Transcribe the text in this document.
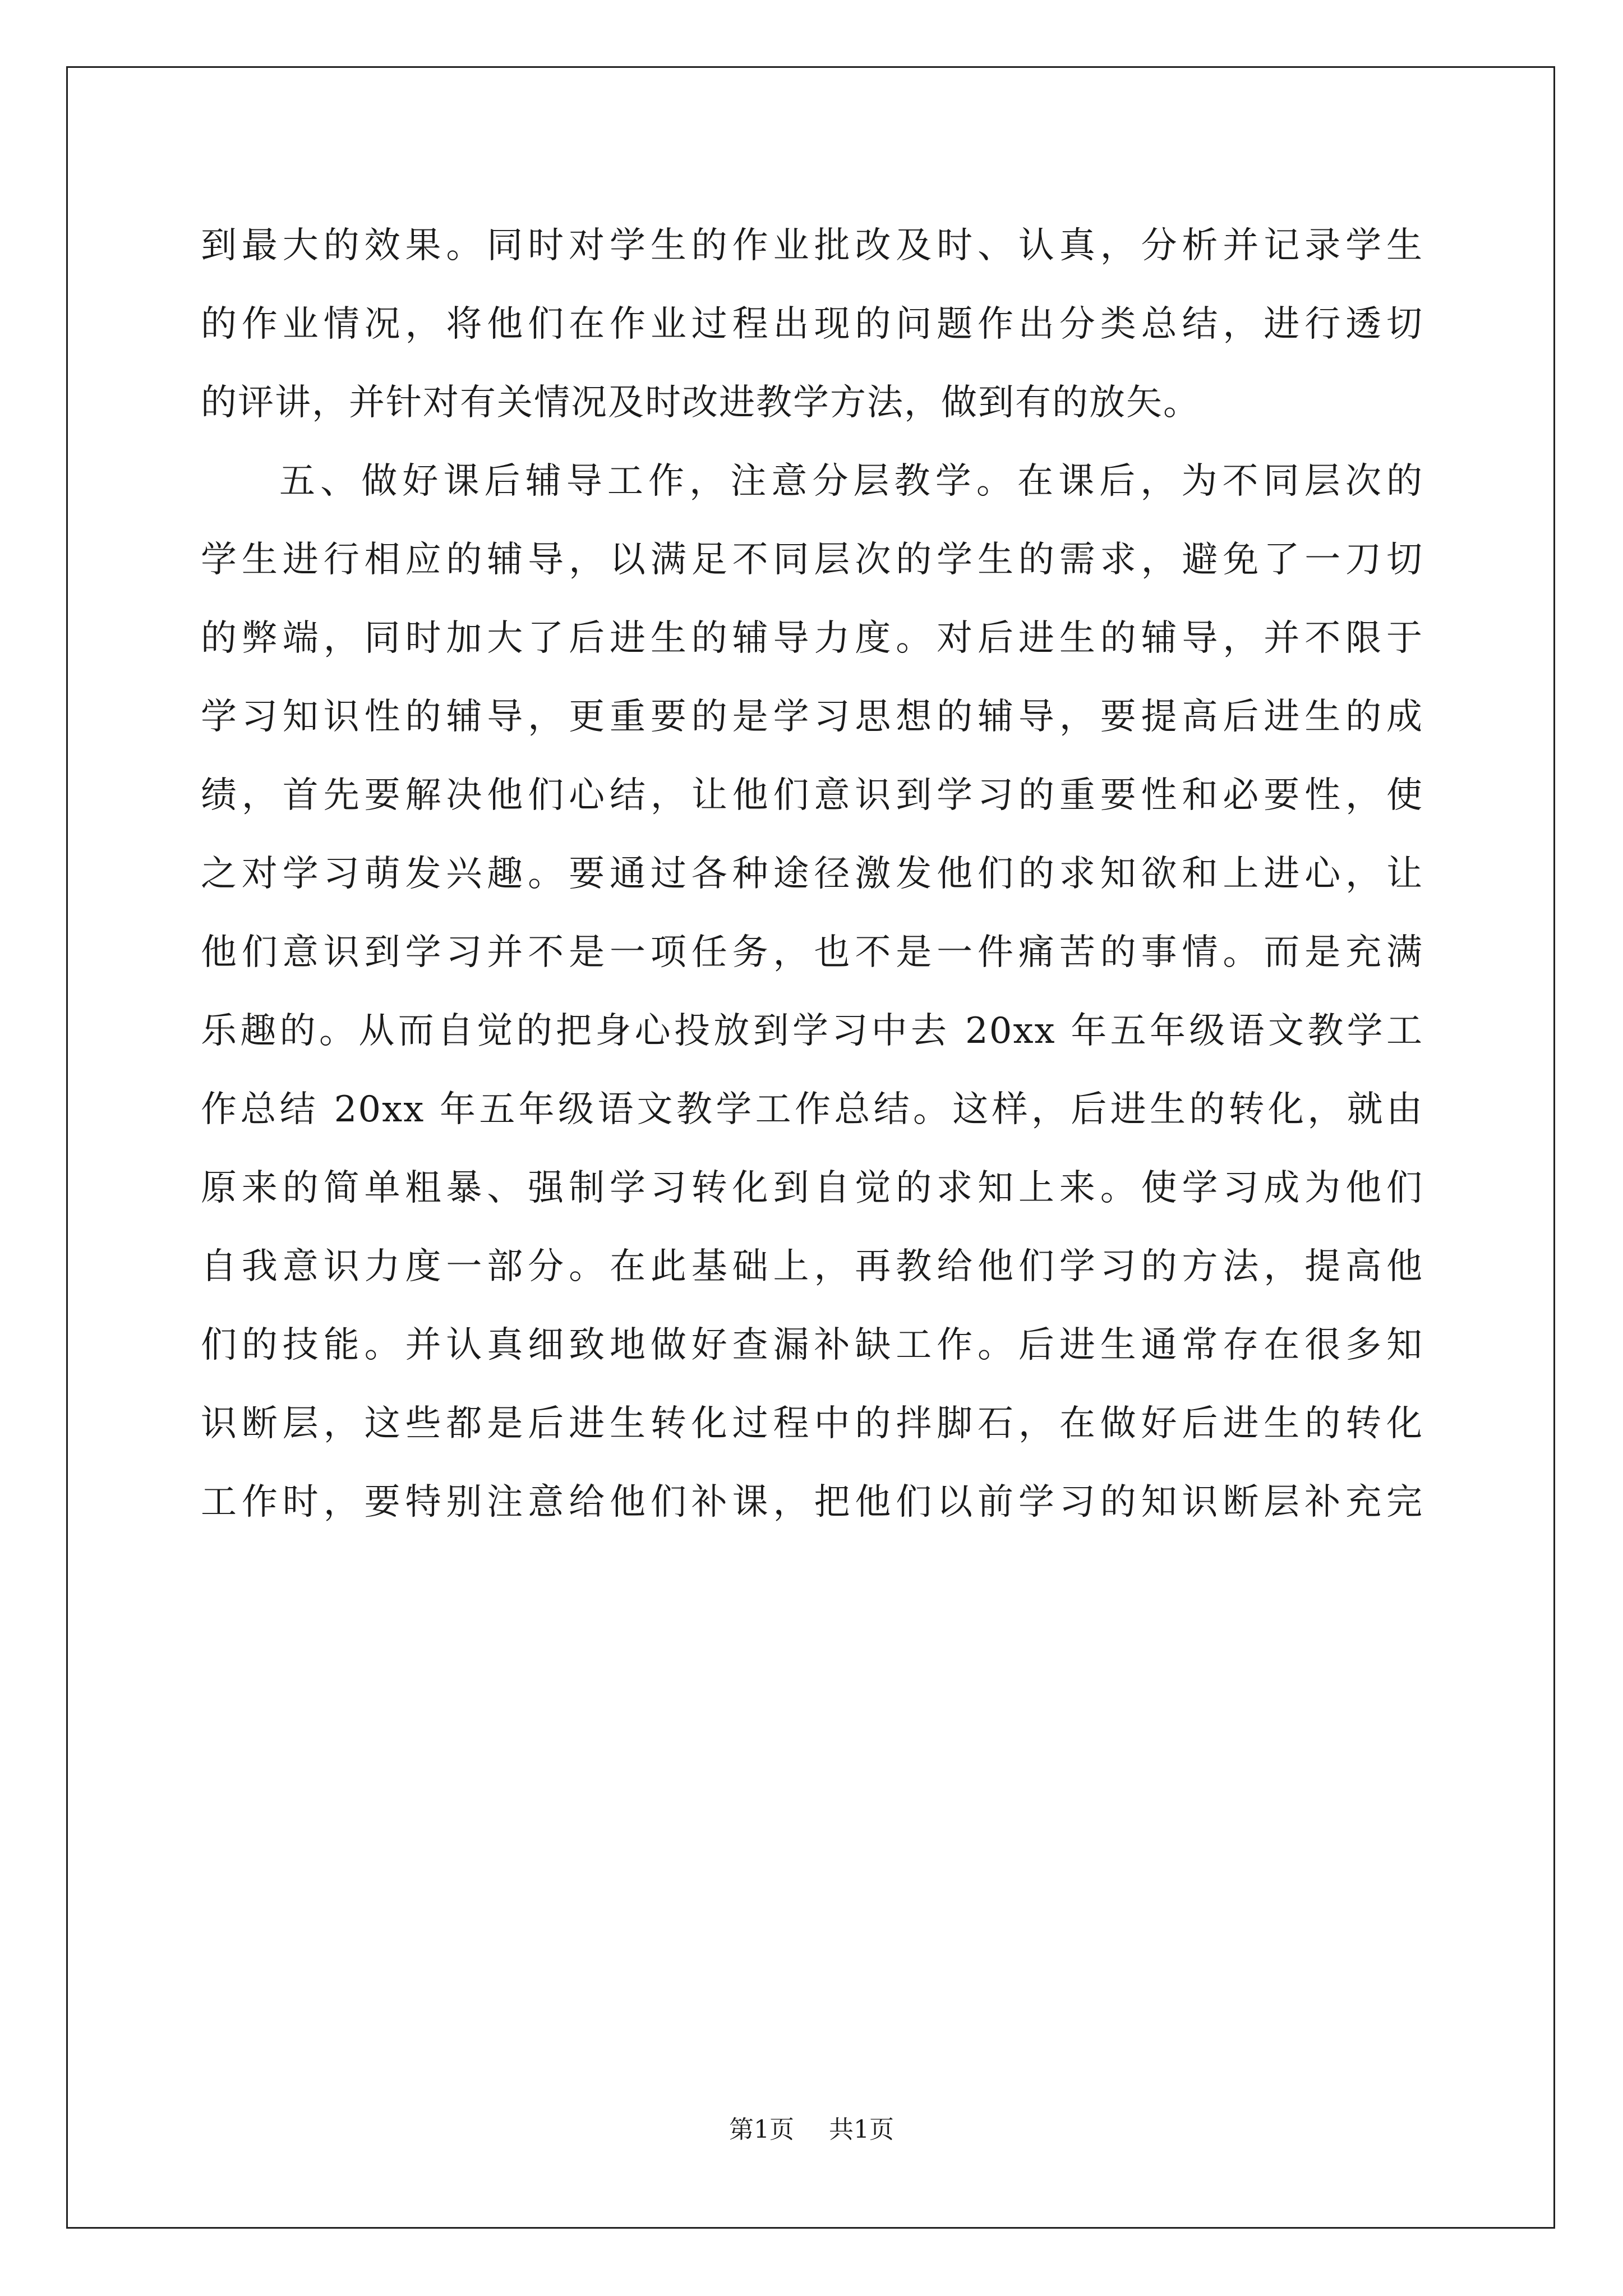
到最大的效果。同时对学生的作业批改及时、认真，分析并记录学生
的作业情况，将他们在作业过程出现的问题作出分类总结，进行透切
的评讲，并针对有关情况及时改进教学方法，做到有的放矢。
五、做好课后辅导工作，注意分层教学。在课后，为不同层次的
学生进行相应的辅导，以满足不同层次的学生的需求，避免了一刀切
的弊端，同时加大了后进生的辅导力度。对后进生的辅导，并不限于
学习知识性的辅导，更重要的是学习思想的辅导，要提高后进生的成
绩，首先要解决他们心结，让他们意识到学习的重要性和必要性，使
之对学习萌发兴趣。要通过各种途径激发他们的求知欲和上进心，让
他们意识到学习并不是一项任务，也不是一件痛苦的事情。而是充满
乐趣的。从而自觉的把身心投放到学习中去 20xx 年五年级语文教学工
作总结 20xx 年五年级语文教学工作总结。这样，后进生的转化，就由
原来的简单粗暴、强制学习转化到自觉的求知上来。使学习成为他们
自我意识力度一部分。在此基础上，再教给他们学习的方法，提高他
们的技能。并认真细致地做好查漏补缺工作。后进生通常存在很多知
识断层，这些都是后进生转化过程中的拌脚石，在做好后进生的转化
工作时，要特别注意给他们补课，把他们以前学习的知识断层补充完
第1页 共1页
